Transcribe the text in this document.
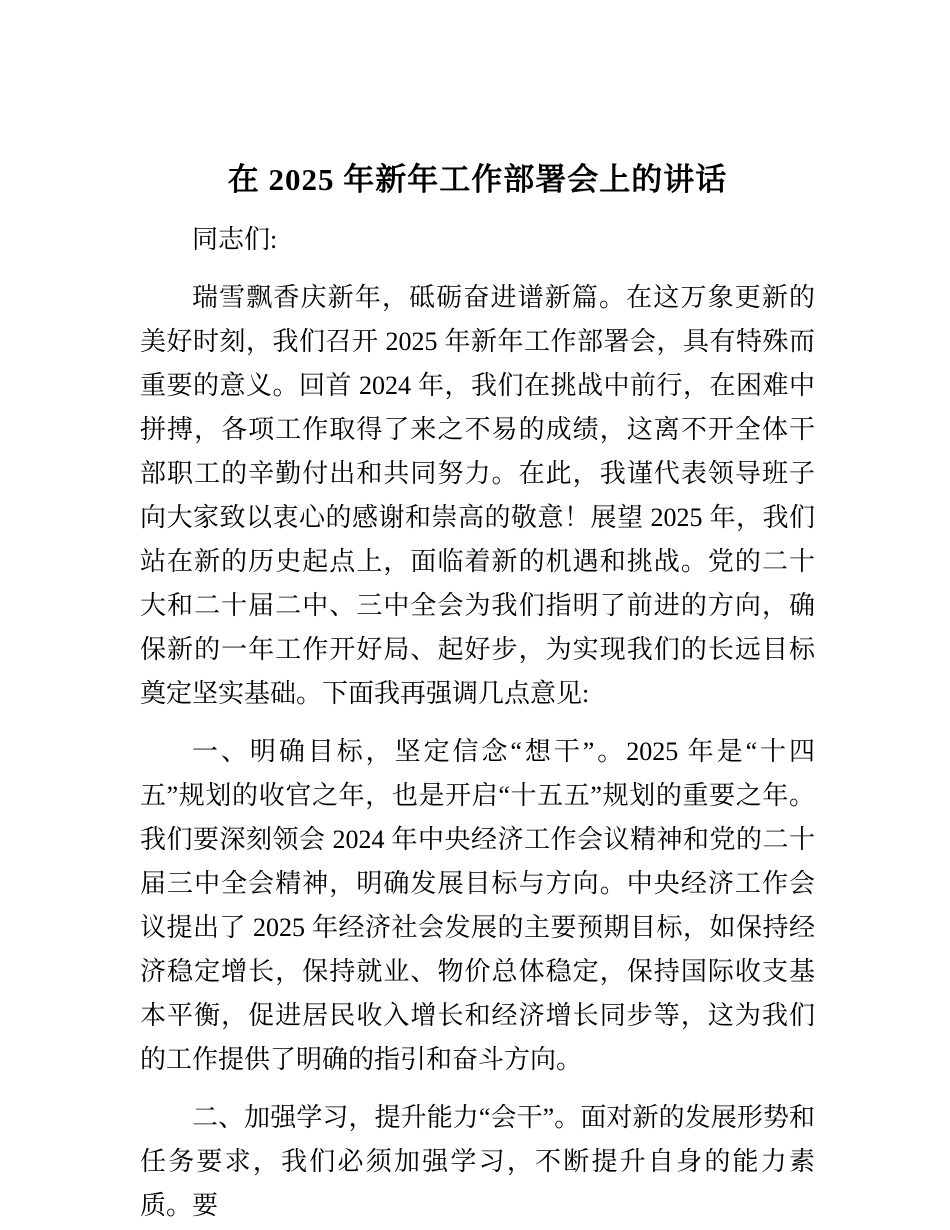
在 2025 年新年工作部署会上的讲话

同志们:

瑞雪飘香庆新年，砥砺奋进谱新篇。在这万象更新的美好时刻，我们召开 2025 年新年工作部署会，具有特殊而重要的意义。回首 2024 年，我们在挑战中前行，在困难中拼搏，各项工作取得了来之不易的成绩，这离不开全体干部职工的辛勤付出和共同努力。在此，我谨代表领导班子向大家致以衷心的感谢和崇高的敬意！展望 2025 年，我们站在新的历史起点上，面临着新的机遇和挑战。党的二十大和二十届二中、三中全会为我们指明了前进的方向，确保新的一年工作开好局、起好步，为实现我们的长远目标奠定坚实基础。下面我再强调几点意见:

一、明确目标，坚定信念“想干”。2025 年是“十四五”规划的收官之年，也是开启“十五五”规划的重要之年。我们要深刻领会 2024 年中央经济工作会议精神和党的二十届三中全会精神，明确发展目标与方向。中央经济工作会议提出了 2025 年经济社会发展的主要预期目标，如保持经济稳定增长，保持就业、物价总体稳定，保持国际收支基本平衡，促进居民收入增长和经济增长同步等，这为我们的工作提供了明确的指引和奋斗方向。

二、加强学习，提升能力“会干”。面对新的发展形势和任务要求，我们必须加强学习，不断提升自身的能力素质。要
